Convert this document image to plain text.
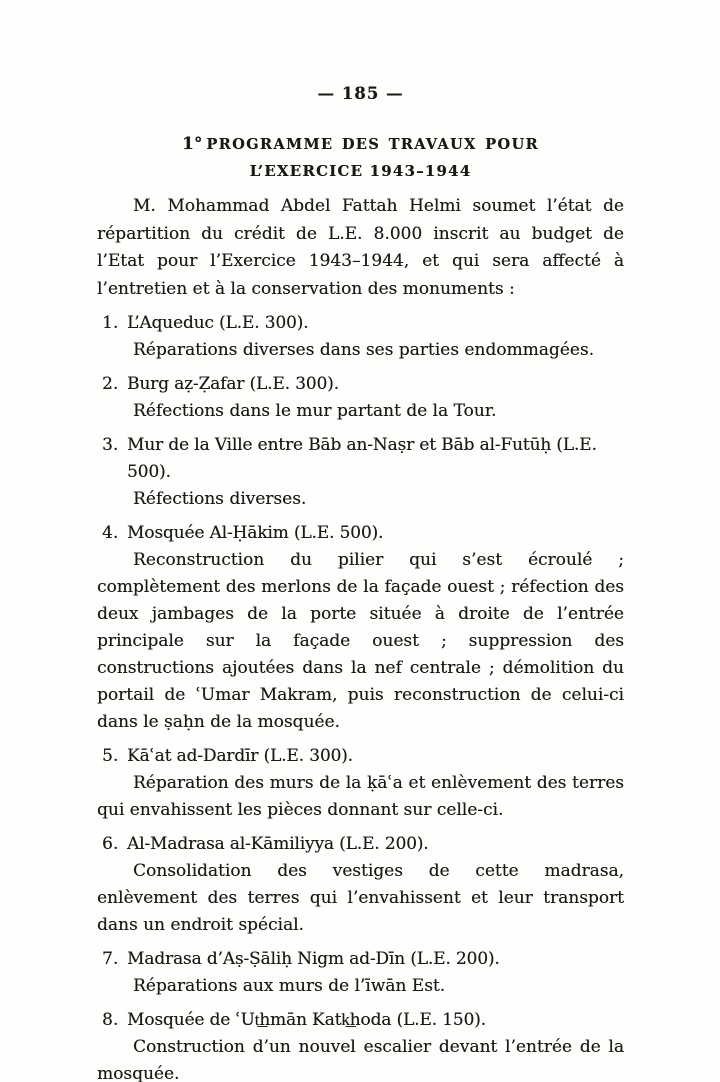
— 185 —
1° PROGRAMME DES TRAVAUX POUR
L’EXERCICE 1943–1944

M. Mohammad Abdel Fattah Helmi soumet l’état de répartition du crédit de L.E. 8.000 inscrit au budget de l’Etat pour l’Exercice 1943–1944, et qui sera affecté à l’entretien et à la conservation des monuments :

1. L’Aqueduc (L.E. 300).

Réparations diverses dans ses parties endommagées.

2. Burg aẓ-Ẓafar (L.E. 300).

Réfections dans le mur partant de la Tour.

3. Mur de la Ville entre Bāb an-Naṣr et Bāb al-Futūḥ (L.E. 500).

Réfections diverses.

4. Mosquée Al-Ḥākim (L.E. 500).

Reconstruction du pilier qui s’est écroulé ; complètement des merlons de la façade ouest ; réfection des deux jambages de la porte située à droite de l’entrée principale sur la façade ouest ; suppression des constructions ajoutées dans la nef centrale ; démolition du portail de ʿUmar Makram, puis reconstruction de celui-ci dans le ṣaḥn de la mosquée.

5. Kāʿat ad-Dardīr (L.E. 300).

Réparation des murs de la ḳāʿa et enlèvement des terres qui envahissent les pièces donnant sur celle-ci.

6. Al-Madrasa al-Kāmiliyya (L.E. 200).

Consolidation des vestiges de cette madrasa, enlèvement des terres qui l’envahissent et leur transport dans un endroit spécial.

7. Madrasa d’Aṣ-Ṣāliḥ Nigm ad-Dīn (L.E. 200).

Réparations aux murs de l’īwān Est.

8. Mosquée de ʿUt͟hmān Katk͟hoda (L.E. 150).

Construction d’un nouvel escalier devant l’entrée de la mosquée.
